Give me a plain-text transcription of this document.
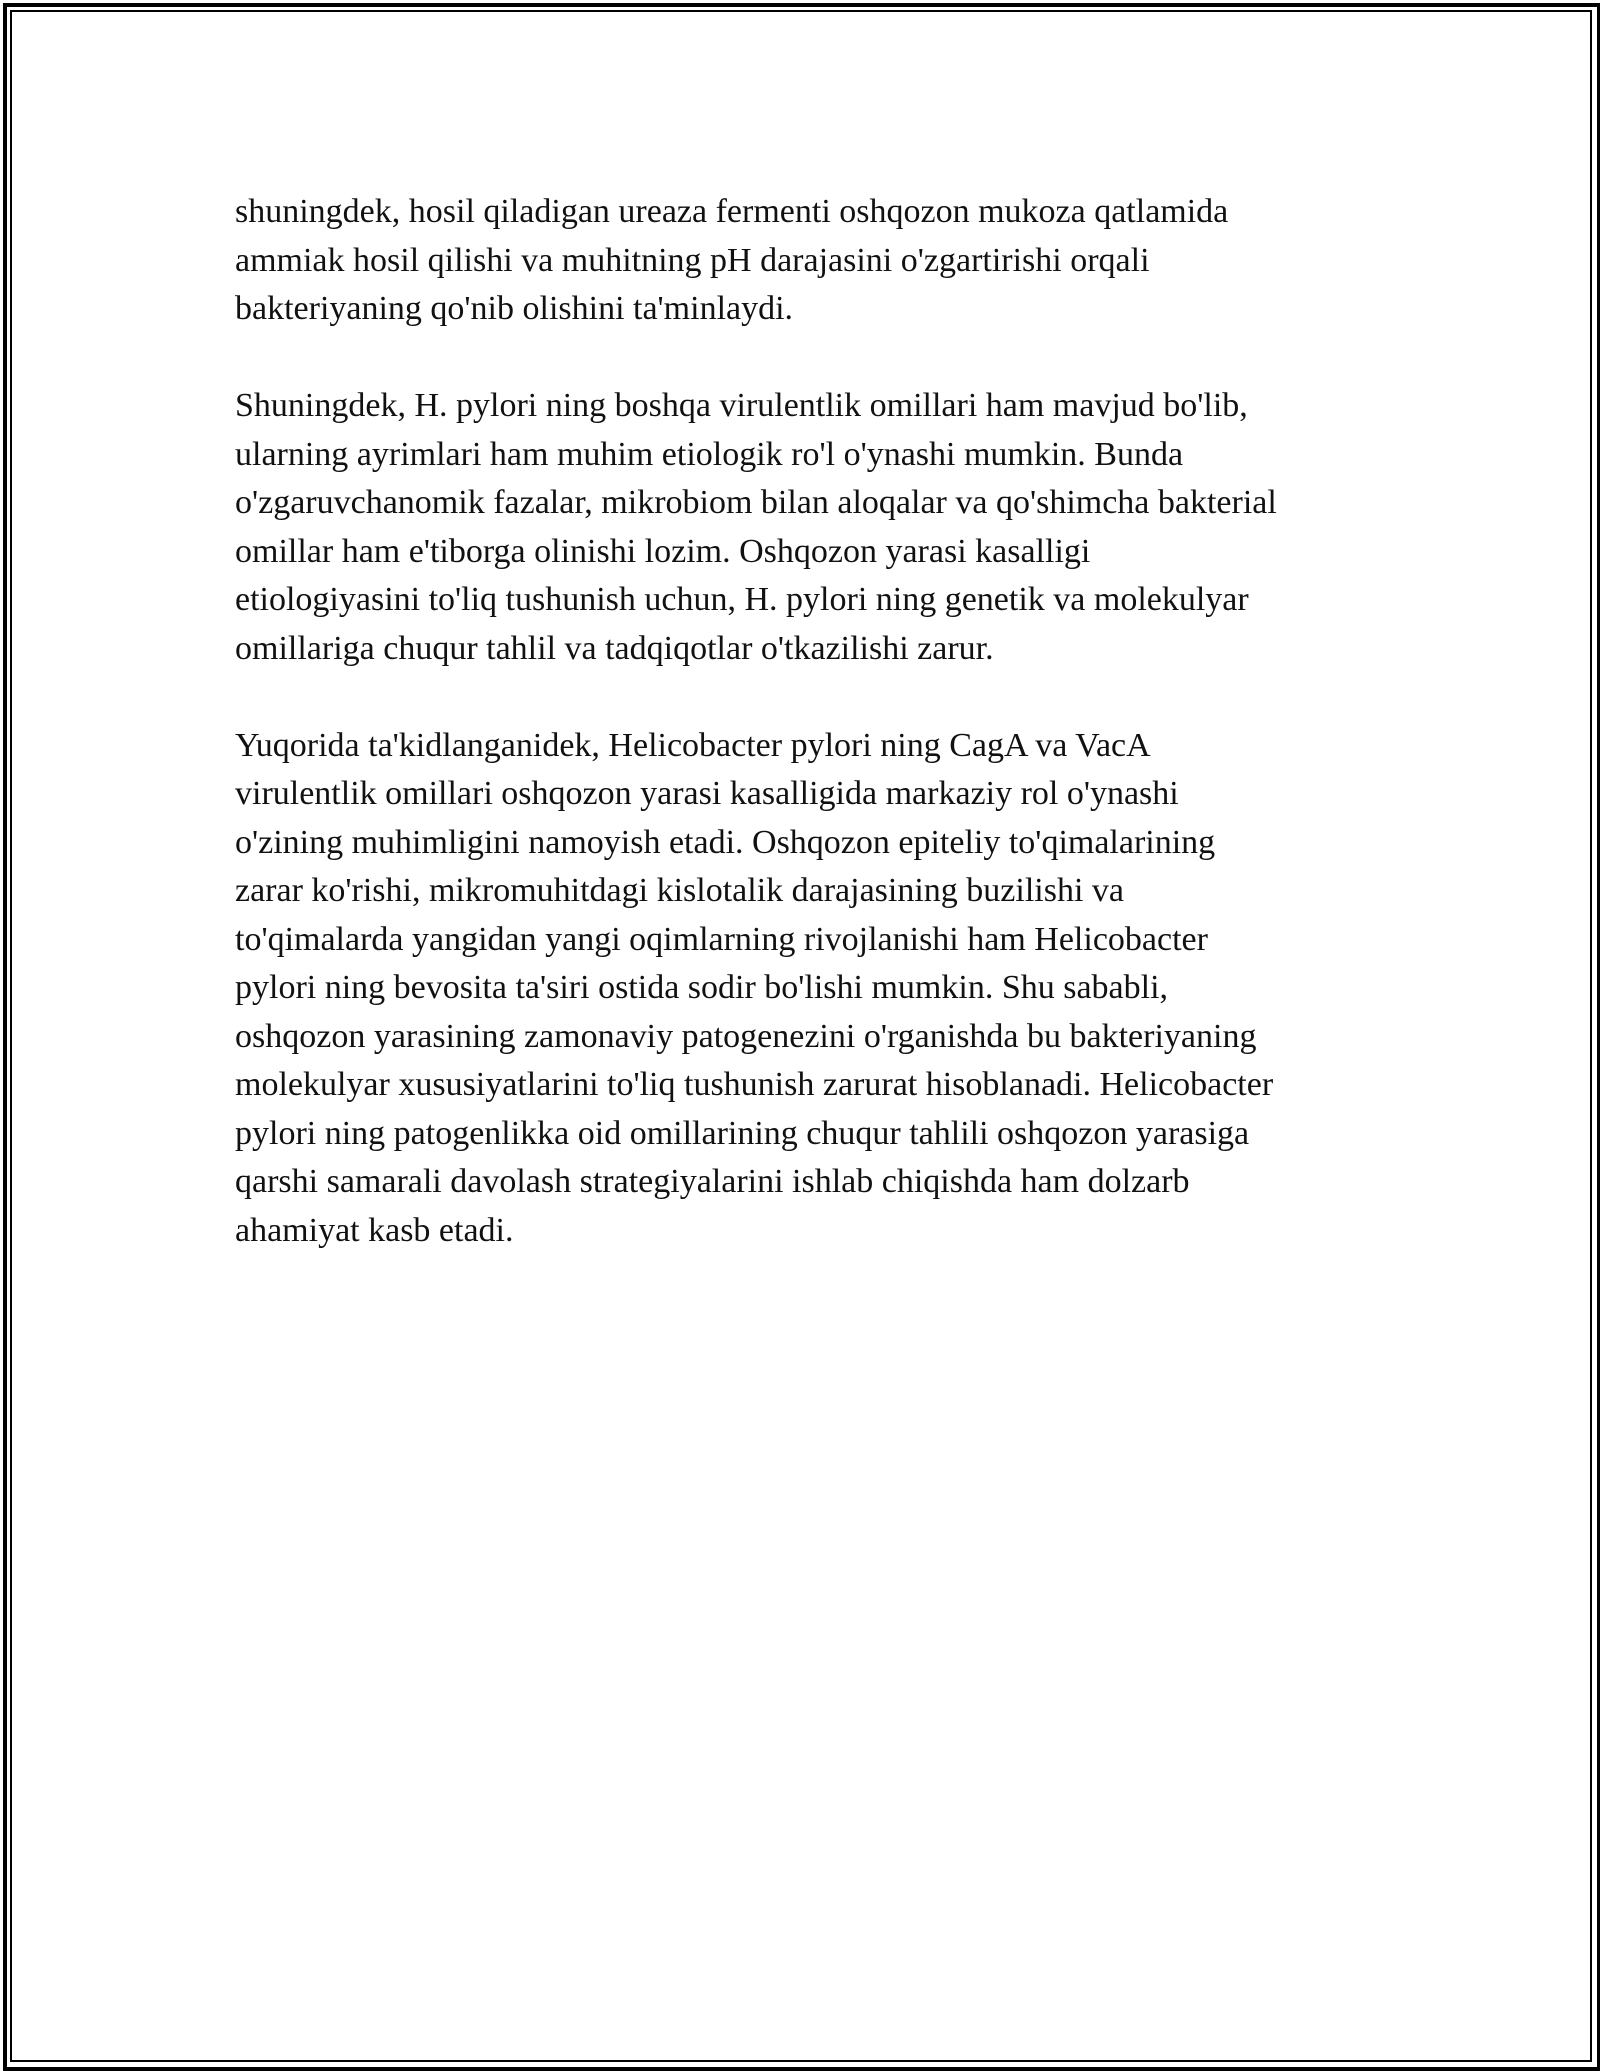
shuningdek, hosil qiladigan ureaza fermenti oshqozon mukoza qatlamida
ammiak hosil qilishi va muhitning pH darajasini o'zgartirishi orqali
bakteriyaning qo'nib olishini ta'minlaydi.

Shuningdek, H. pylori ning boshqa virulentlik omillari ham mavjud bo'lib,
ularning ayrimlari ham muhim etiologik ro'l o'ynashi mumkin. Bunda
o'zgaruvchanomik fazalar, mikrobiom bilan aloqalar va qo'shimcha bakterial
omillar ham e'tiborga olinishi lozim. Oshqozon yarasi kasalligi
etiologiyasini to'liq tushunish uchun, H. pylori ning genetik va molekulyar
omillariga chuqur tahlil va tadqiqotlar o'tkazilishi zarur.

Yuqorida ta'kidlanganidek, Helicobacter pylori ning CagA va VacA
virulentlik omillari oshqozon yarasi kasalligida markaziy rol o'ynashi
o'zining muhimligini namoyish etadi. Oshqozon epiteliy to'qimalarining
zarar ko'rishi, mikromuhitdagi kislotalik darajasining buzilishi va
to'qimalarda yangidan yangi oqimlarning rivojlanishi ham Helicobacter
pylori ning bevosita ta'siri ostida sodir bo'lishi mumkin. Shu sababli,
oshqozon yarasining zamonaviy patogenezini o'rganishda bu bakteriyaning
molekulyar xususiyatlarini to'liq tushunish zarurat hisoblanadi. Helicobacter
pylori ning patogenlikka oid omillarining chuqur tahlili oshqozon yarasiga
qarshi samarali davolash strategiyalarini ishlab chiqishda ham dolzarb
ahamiyat kasb etadi.
